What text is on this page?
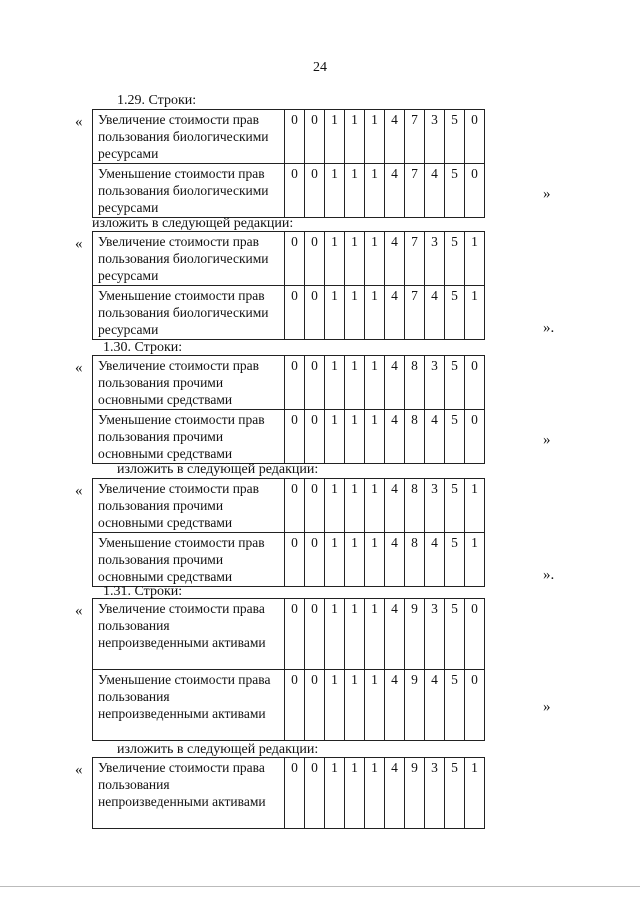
24
1.29. Строки:
« Увеличение стоимости прав пользования биологическими ресурсами	0	0	1	1	1	4	7	3	5	0
Уменьшение стоимости прав пользования биологическими ресурсами	0	0	1	1	1	4	7	4	5	0
»
изложить в следующей редакции:
« Увеличение стоимости прав пользования биологическими ресурсами	0	0	1	1	1	4	7	3	5	1
Уменьшение стоимости прав пользования биологическими ресурсами	0	0	1	1	1	4	7	4	5	1
».
1.30. Строки:
« Увеличение стоимости прав пользования прочими основными средствами	0	0	1	1	1	4	8	3	5	0
Уменьшение стоимости прав пользования прочими основными средствами	0	0	1	1	1	4	8	4	5	0
»
изложить в следующей редакции:
« Увеличение стоимости прав пользования прочими основными средствами	0	0	1	1	1	4	8	3	5	1
Уменьшение стоимости прав пользования прочими основными средствами	0	0	1	1	1	4	8	4	5	1
».
1.31. Строки:
« Увеличение стоимости права пользования непроизведенными активами	0	0	1	1	1	4	9	3	5	0
Уменьшение стоимости права пользования непроизведенными активами	0	0	1	1	1	4	9	4	5	0
»
изложить в следующей редакции:
« Увеличение стоимости права пользования непроизведенными активами	0	0	1	1	1	4	9	3	5	1
